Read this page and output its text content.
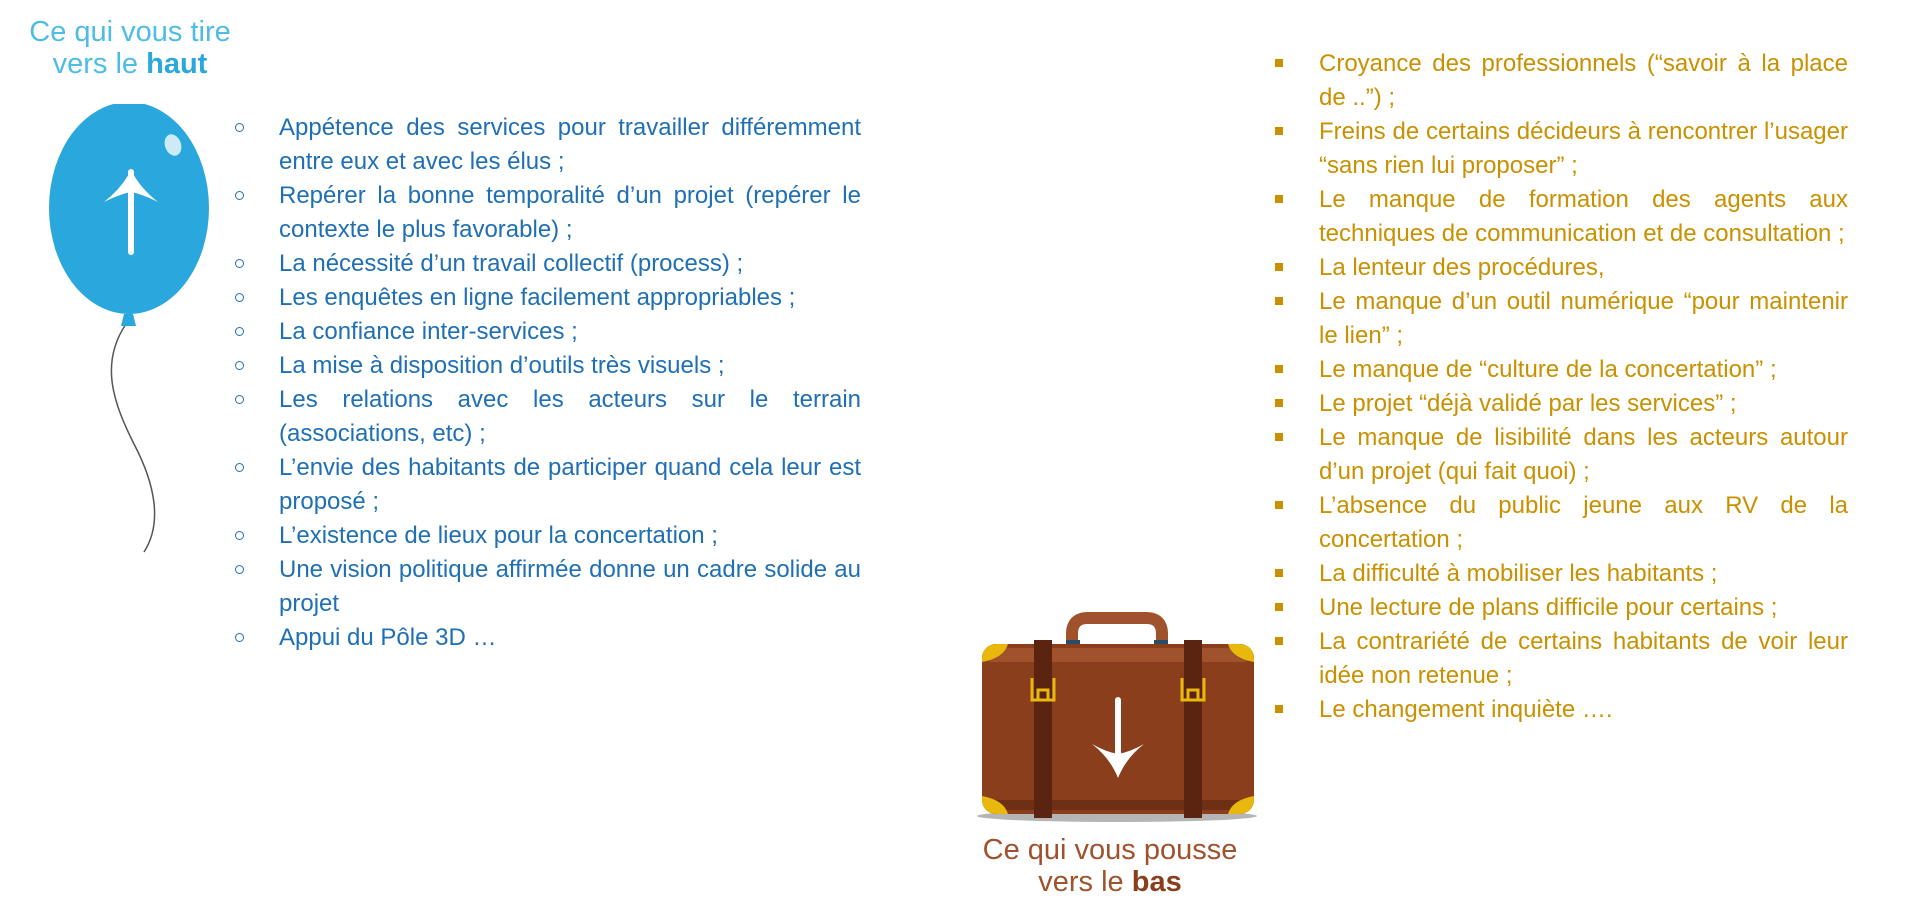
Ce qui vous tire
vers le haut
Appétence des services pour travailler différemment entre eux et avec les élus ;
Repérer la bonne temporalité d’un projet (repérer le contexte le plus favorable) ;
La nécessité d’un travail collectif (process) ;
Les enquêtes en ligne facilement appropriables ;
La confiance inter-services ;
La mise à disposition d’outils très visuels ;
Les relations avec les acteurs sur le terrain (associations, etc) ;
L’envie des habitants de participer quand cela leur est proposé ;
L’existence de lieux pour la concertation ;
Une vision politique affirmée donne un cadre solide au projet
Appui du Pôle 3D …
Croyance des professionnels (“savoir à la place de ..”) ;
Freins de certains décideurs à rencontrer l’usager “sans rien lui proposer” ;
Le manque de formation des agents aux techniques de communication et de consultation ;
La lenteur des procédures,
Le manque d’un outil numérique “pour maintenir le lien” ;
Le manque de “culture de la concertation” ;
Le projet “déjà validé par les services” ;
Le manque de lisibilité dans les acteurs autour d’un projet (qui fait quoi) ;
L’absence du public jeune aux RV de la concertation ;
La difficulté à mobiliser les habitants ;
Une lecture de plans difficile pour certains ;
La contrariété de certains habitants de voir leur idée non retenue ;
Le changement inquiète ….
Ce qui vous pousse
vers le bas
